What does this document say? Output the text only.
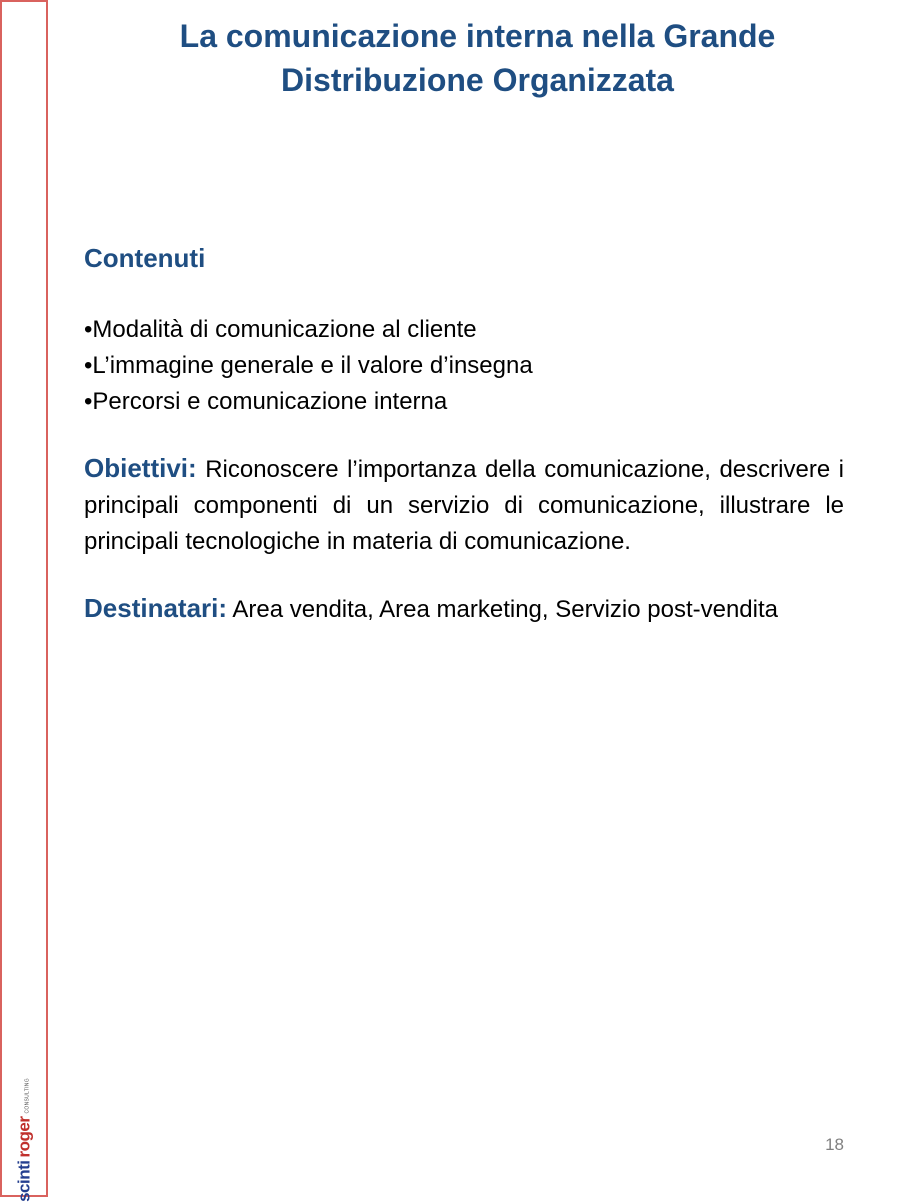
scinti
roger
CONSULTING
La comunicazione interna nella Grande
Distribuzione Organizzata
Contenuti
•Modalità di comunicazione al cliente
•L’immagine generale e il valore d’insegna
•Percorsi e comunicazione interna

Obiettivi: Riconoscere l’importanza della comunicazione, descrivere i principali componenti di un servizio di comunicazione, illustrare le principali tecnologiche in materia di comunicazione.

Destinatari: Area vendita, Area marketing, Servizio post-vendita

18
